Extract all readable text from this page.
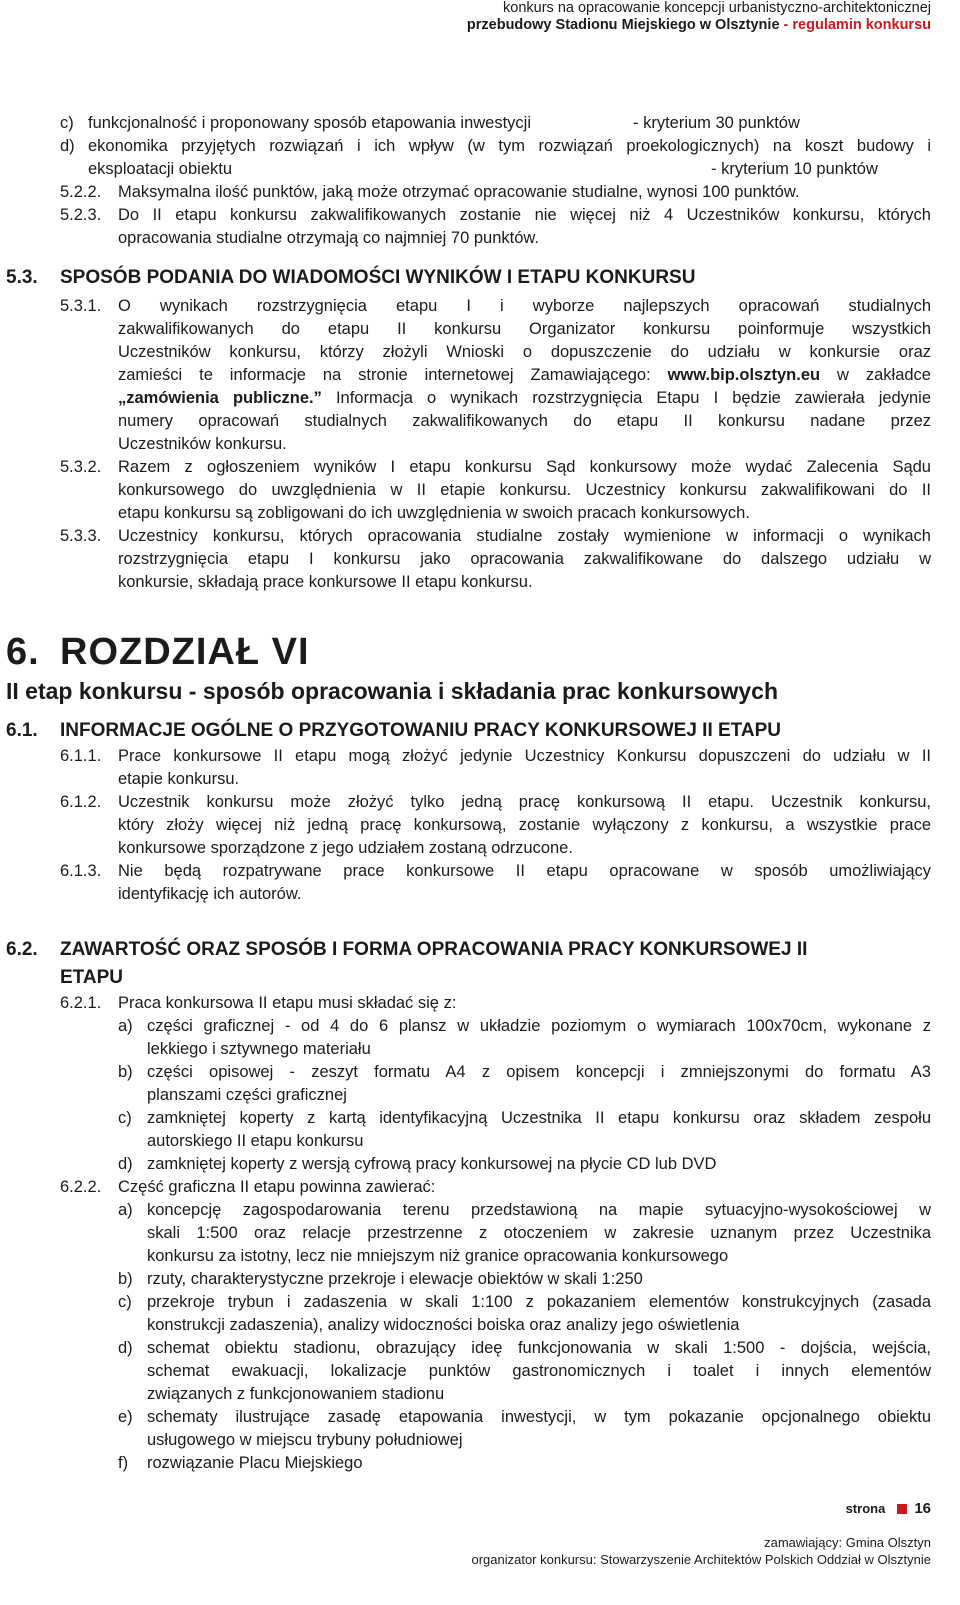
konkurs na opracowanie koncepcji urbanistyczno-architektonicznej
przebudowy Stadionu Miejskiego w Olsztynie - regulamin konkursu
c) funkcjonalność i proponowany sposób etapowania inwestycji	- kryterium 30 punktów
d) ekonomika przyjętych rozwiązań i ich wpływ (w tym rozwiązań proekologicznych) na koszt budowy i
eksploatacji obiektu	- kryterium 10 punktów
5.2.2. Maksymalna ilość punktów, jaką może otrzymać opracowanie studialne, wynosi 100 punktów.
5.2.3. Do II etapu konkursu zakwalifikowanych zostanie nie więcej niż 4 Uczestników konkursu, których
opracowania studialne otrzymają co najmniej 70 punktów.
5.3. SPOSÓB PODANIA DO WIADOMOŚCI WYNIKÓW I ETAPU KONKURSU
5.3.1. O wynikach rozstrzygnięcia etapu I i wyborze najlepszych opracowań studialnych
zakwalifikowanych do etapu II konkursu Organizator konkursu poinformuje wszystkich
Uczestników konkursu, którzy złożyli Wnioski o dopuszczenie do udziału w konkursie oraz
zamieści te informacje na stronie internetowej Zamawiającego: www.bip.olsztyn.eu w zakładce
„zamówienia publiczne.” Informacja o wynikach rozstrzygnięcia Etapu I będzie zawierała jedynie
numery opracowań studialnych zakwalifikowanych do etapu II konkursu nadane przez
Uczestników konkursu.
5.3.2. Razem z ogłoszeniem wyników I etapu konkursu Sąd konkursowy może wydać Zalecenia Sądu
konkursowego do uwzględnienia w II etapie konkursu. Uczestnicy konkursu zakwalifikowani do II
etapu konkursu są zobligowani do ich uwzględnienia w swoich pracach konkursowych.
5.3.3. Uczestnicy konkursu, których opracowania studialne zostały wymienione w informacji o wynikach
rozstrzygnięcia etapu I konkursu jako opracowania zakwalifikowane do dalszego udziału w
konkursie, składają prace konkursowe II etapu konkursu.
6. ROZDZIAŁ VI
II etap konkursu - sposób opracowania i składania prac konkursowych
6.1. INFORMACJE OGÓLNE O PRZYGOTOWANIU PRACY KONKURSOWEJ II ETAPU
6.1.1. Prace konkursowe II etapu mogą złożyć jedynie Uczestnicy Konkursu dopuszczeni do udziału w II
etapie konkursu.
6.1.2. Uczestnik konkursu może złożyć tylko jedną pracę konkursową II etapu. Uczestnik konkursu,
który złoży więcej niż jedną pracę konkursową, zostanie wyłączony z konkursu, a wszystkie prace
konkursowe sporządzone z jego udziałem zostaną odrzucone.
6.1.3. Nie będą rozpatrywane prace konkursowe II etapu opracowane w sposób umożliwiający
identyfikację ich autorów.
6.2. ZAWARTOŚĆ ORAZ SPOSÓB I FORMA OPRACOWANIA PRACY KONKURSOWEJ II
ETAPU
6.2.1. Praca konkursowa II etapu musi składać się z:
a) części graficznej - od 4 do 6 plansz w układzie poziomym o wymiarach 100x70cm, wykonane z
lekkiego i sztywnego materiału
b) części opisowej - zeszyt formatu A4 z opisem koncepcji i zmniejszonymi do formatu A3
planszami części graficznej
c) zamkniętej koperty z kartą identyfikacyjną Uczestnika II etapu konkursu oraz składem zespołu
autorskiego II etapu konkursu
d) zamkniętej koperty z wersją cyfrową pracy konkursowej na płycie CD lub DVD
6.2.2. Część graficzna II etapu powinna zawierać:
a) koncepcję zagospodarowania terenu przedstawioną na mapie sytuacyjno-wysokościowej w
skali 1:500 oraz relacje przestrzenne z otoczeniem w zakresie uznanym przez Uczestnika
konkursu za istotny, lecz nie mniejszym niż granice opracowania konkursowego
b) rzuty, charakterystyczne przekroje i elewacje obiektów w skali 1:250
c) przekroje trybun i zadaszenia w skali 1:100 z pokazaniem elementów konstrukcyjnych (zasada
konstrukcji zadaszenia), analizy widoczności boiska oraz analizy jego oświetlenia
d) schemat obiektu stadionu, obrazujący ideę funkcjonowania w skali 1:500 - dojścia, wejścia,
schemat ewakuacji, lokalizacje punktów gastronomicznych i toalet i innych elementów
związanych z funkcjonowaniem stadionu
e) schematy ilustrujące zasadę etapowania inwestycji, w tym pokazanie opcjonalnego obiektu
usługowego w miejscu trybuny południowej
f) rozwiązanie Placu Miejskiego
strona 16
zamawiający: Gmina Olsztyn
organizator konkursu: Stowarzyszenie Architektów Polskich Oddział w Olsztynie
